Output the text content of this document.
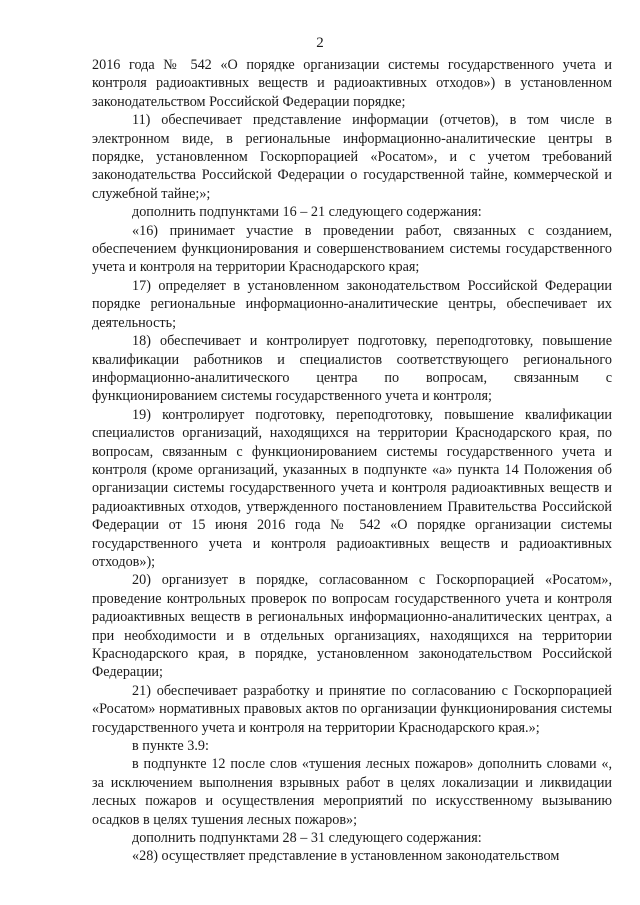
2

2016 года № 542 «О порядке организации системы государственного учета и контроля радиоактивных веществ и радиоактивных отходов») в установленном законодательством Российской Федерации порядке;

11) обеспечивает представление информации (отчетов), в том числе в электронном виде, в региональные информационно-аналитические центры в порядке, установленном Госкорпорацией «Росатом», и с учетом требований законодательства Российской Федерации о государственной тайне, коммерческой и служебной тайне;»;

дополнить подпунктами 16 – 21 следующего содержания:

«16) принимает участие в проведении работ, связанных с созданием, обеспечением функционирования и совершенствованием системы государственного учета и контроля на территории Краснодарского края;

17) определяет в установленном законодательством Российской Федерации порядке региональные информационно-аналитические центры, обеспечивает их деятельность;

18) обеспечивает и контролирует подготовку, переподготовку, повышение квалификации работников и специалистов соответствующего регионального информационно-аналитического центра по вопросам, связанным с функционированием системы государственного учета и контроля;

19) контролирует подготовку, переподготовку, повышение квалификации специалистов организаций, находящихся на территории Краснодарского края, по вопросам, связанным с функционированием системы государственного учета и контроля (кроме организаций, указанных в подпункте «а» пункта 14 Положения об организации системы государственного учета и контроля радиоактивных веществ и радиоактивных отходов, утвержденного постановлением Правительства Российской Федерации от 15 июня 2016 года № 542 «О порядке организации системы государственного учета и контроля радиоактивных веществ и радиоактивных отходов»);

20) организует в порядке, согласованном с Госкорпорацией «Росатом», проведение контрольных проверок по вопросам государственного учета и контроля радиоактивных веществ в региональных информационно-аналитических центрах, а при необходимости и в отдельных организациях, находящихся на территории Краснодарского края, в порядке, установленном законодательством Российской Федерации;

21) обеспечивает разработку и принятие по согласованию с Госкорпорацией «Росатом» нормативных правовых актов по организации функционирования системы государственного учета и контроля на территории Краснодарского края.»;

в пункте 3.9:

в подпункте 12 после слов «тушения лесных пожаров» дополнить словами «, за исключением выполнения взрывных работ в целях локализации и ликвидации лесных пожаров и осуществления мероприятий по искусственному вызыванию осадков в целях тушения лесных пожаров»;

дополнить подпунктами 28 – 31 следующего содержания:

«28) осуществляет представление в установленном законодательством
